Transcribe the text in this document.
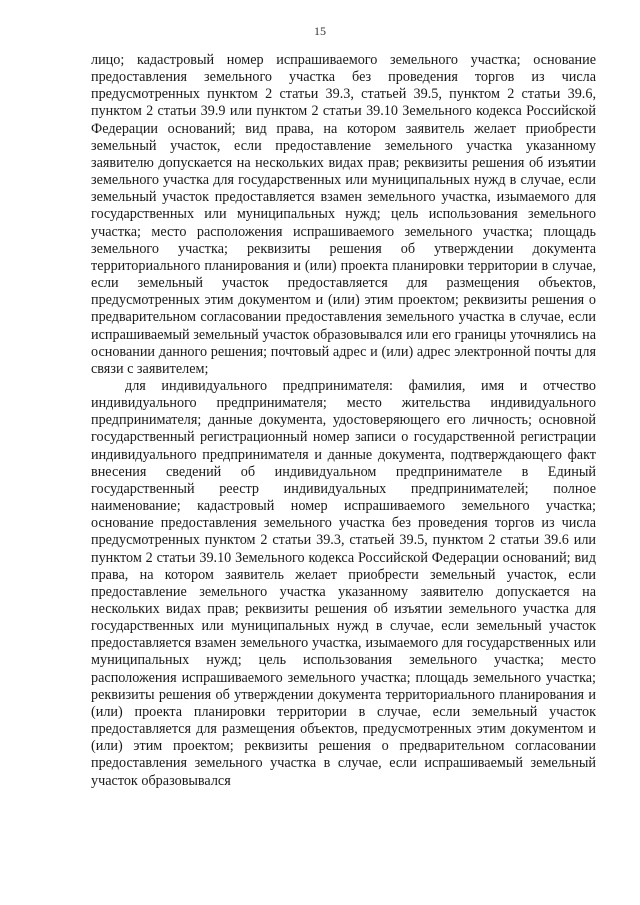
15

лицо; кадастровый номер испрашиваемого земельного участка; основание предоставления земельного участка без проведения торгов из числа предусмотренных пунктом 2 статьи 39.3, статьей 39.5, пунктом 2 статьи 39.6, пунктом 2 статьи 39.9 или пунктом 2 статьи 39.10 Земельного кодекса Российской Федерации оснований; вид права, на котором заявитель желает приобрести земельный участок, если предоставление земельного участка указанному заявителю допускается на нескольких видах прав; реквизиты решения об изъятии земельного участка для государственных или муниципальных нужд в случае, если земельный участок предоставляется взамен земельного участка, изымаемого для государственных или муниципальных нужд; цель использования земельного участка; место расположения испрашиваемого земельного участка; площадь земельного участка; реквизиты решения об утверждении документа территориального планирования и (или) проекта планировки территории в случае, если земельный участок предоставляется для размещения объектов, предусмотренных этим документом и (или) этим проектом; реквизиты решения о предварительном согласовании предоставления земельного участка в случае, если испрашиваемый земельный участок образовывался или его границы уточнялись на основании данного решения; почтовый адрес и (или) адрес электронной почты для связи с заявителем;

для индивидуального предпринимателя: фамилия, имя и отчество индивидуального предпринимателя; место жительства индивидуального предпринимателя; данные документа, удостоверяющего его личность; основной государственный регистрационный номер записи о государственной регистрации индивидуального предпринимателя и данные документа, подтверждающего факт внесения сведений об индивидуальном предпринимателе в Единый государственный реестр индивидуальных предпринимателей; полное наименование; кадастровый номер испрашиваемого земельного участка; основание предоставления земельного участка без проведения торгов из числа предусмотренных пунктом 2 статьи 39.3, статьей 39.5, пунктом 2 статьи 39.6 или пунктом 2 статьи 39.10 Земельного кодекса Российской Федерации оснований; вид права, на котором заявитель желает приобрести земельный участок, если предоставление земельного участка указанному заявителю допускается на нескольких видах прав; реквизиты решения об изъятии земельного участка для государственных или муниципальных нужд в случае, если земельный участок предоставляется взамен земельного участка, изымаемого для государственных или муниципальных нужд; цель использования земельного участка; место расположения испрашиваемого земельного участка; площадь земельного участка; реквизиты решения об утверждении документа территориального планирования и (или) проекта планировки территории в случае, если земельный участок предоставляется для размещения объектов, предусмотренных этим документом и (или) этим проектом; реквизиты решения о предварительном согласовании предоставления земельного участка в случае, если испрашиваемый земельный участок образовывался
